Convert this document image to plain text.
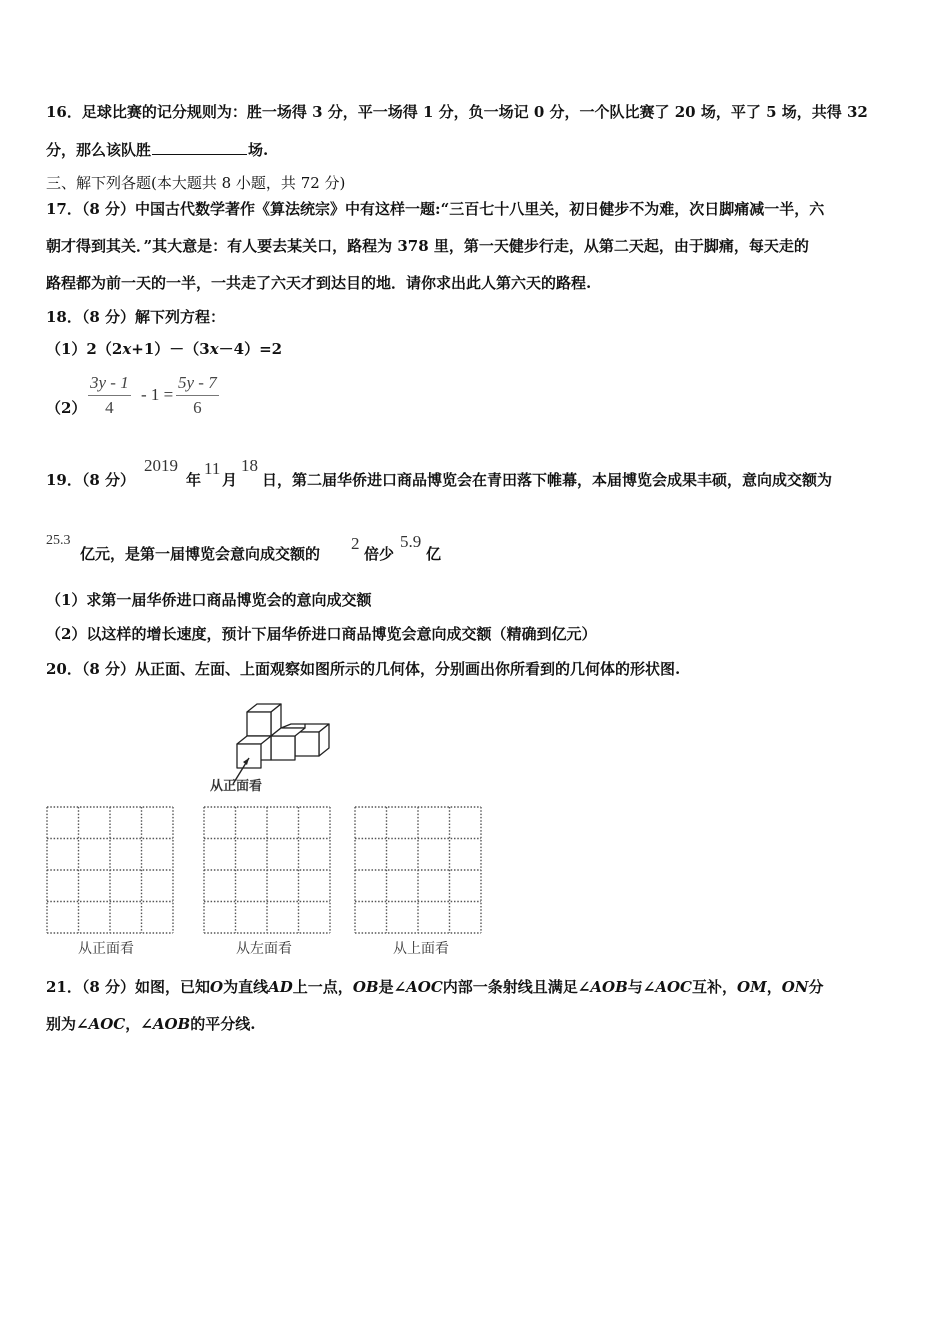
16．足球比赛的记分规则为：胜一场得 3 分，平一场得 1 分，负一场记 0 分，一个队比赛了 20 场，平了 5 场，共得 32
分，那么该队胜	场.
三、解下列各题(本大题共 8 小题，共 72 分)
17．（8 分）中国古代数学著作《算法统宗》中有这样一题:“三百七十八里关，初日健步不为难，次日脚痛减一半，六
朝才得到其关．”其大意是：有人要去某关口，路程为 378 里，第一天健步行走，从第二天起，由于脚痛，每天走的
路程都为前一天的一半，一共走了六天才到达目的地．请你求出此人第六天的路程.
18．（8 分）解下列方程：
（1）2（2x+1）－（3x－4）=2
$(2) \frac{3y - 1}{4} - 1 = \frac{5y - 7}{6}$
19．（8 分）
2019
年
11
月
18
日，第二届华侨进口商品博览会在青田落下帷幕，本届博览会成果丰硕，意向成交额为
25.3
亿元，是第一届博览会意向成交额的
2
倍少
5.9
亿
（1）求第一届华侨进口商品博览会的意向成交额
（2）以这样的增长速度，预计下届华侨进口商品博览会意向成交额（精确到亿元）
20．（8 分）从正面、左面、上面观察如图所示的几何体，分别画出你所看到的几何体的形状图.
从正面看
从正面看	从左面看	从上面看
21．（8 分）如图，已知O为直线AD上一点，OB是∠AOC内部一条射线且满足∠AOB与∠AOC互补，OM，ON分
别为∠AOC，∠AOB的平分线.
